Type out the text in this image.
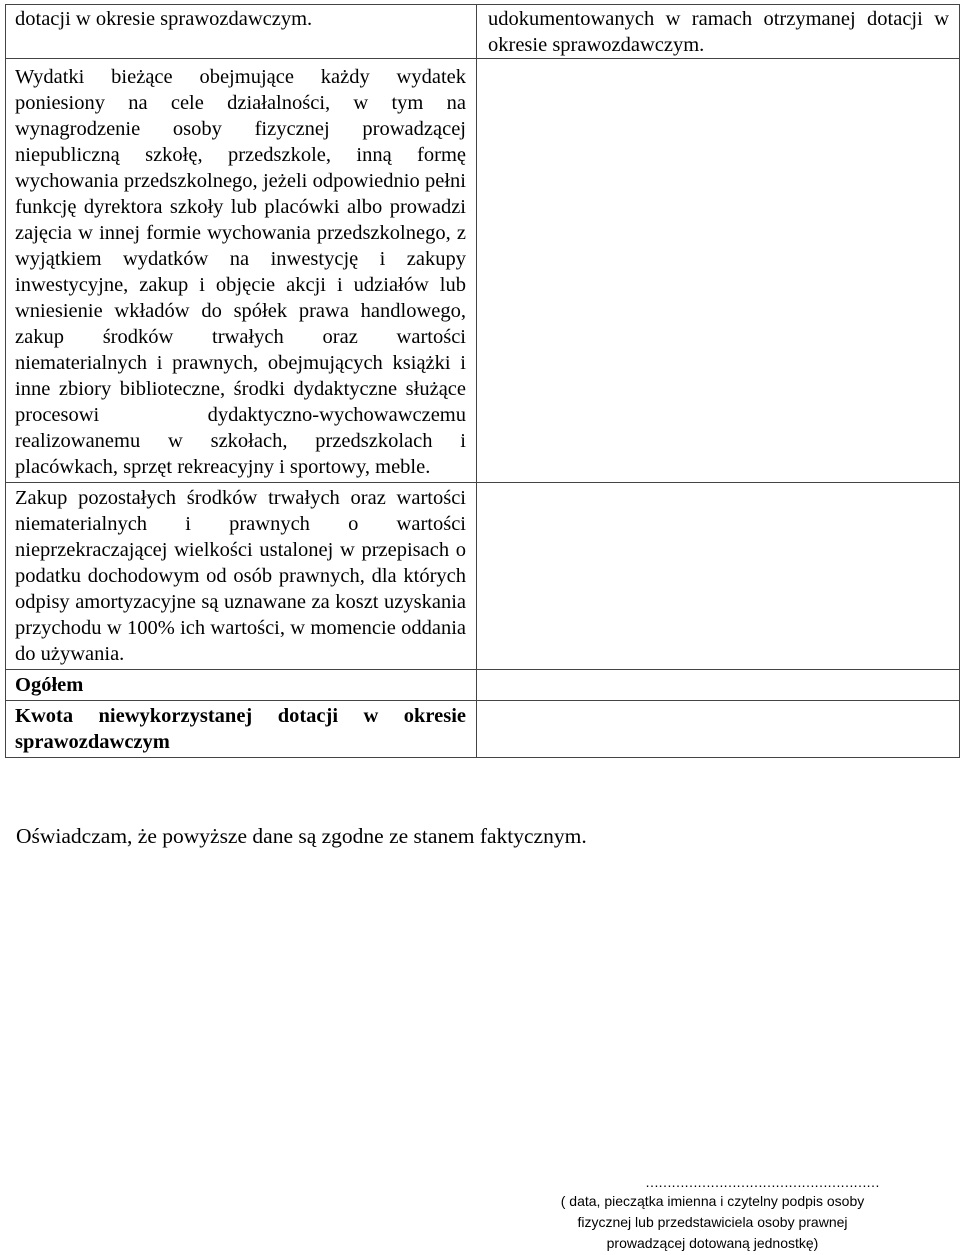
dotacji w okresie sprawozdawczym.	udokumentowanych w ramach otrzymanej dotacji w okresie sprawozdawczym.

Wydatki bieżące obejmujące każdy wydatek poniesiony na cele działalności, w tym na wynagrodzenie osoby fizycznej prowadzącej niepubliczną szkołę, przedszkole, inną formę wychowania przedszkolnego, jeżeli odpowiednio pełni funkcję dyrektora szkoły lub placówki albo prowadzi zajęcia w innej formie wychowania przedszkolnego, z wyjątkiem wydatków na inwestycję i zakupy inwestycyjne, zakup i objęcie akcji i udziałów lub wniesienie wkładów do spółek prawa handlowego, zakup środków trwałych oraz wartości niematerialnych i prawnych, obejmujących książki i inne zbiory biblioteczne, środki dydaktyczne służące procesowi dydaktyczno-wychowawczemu realizowanemu w szkołach, przedszkolach i placówkach, sprzęt rekreacyjny i sportowy, meble.	

Zakup pozostałych środków trwałych oraz wartości niematerialnych i prawnych o wartości nieprzekraczającej wielkości ustalonej w przepisach o podatku dochodowym od osób prawnych, dla których odpisy amortyzacyjne są uznawane za koszt uzyskania przychodu w 100% ich wartości, w momencie oddania do używania.	

Ogółem	

Kwota niewykorzystanej dotacji w okresie sprawozdawczym	

Oświadczam, że powyższe dane są zgodne ze stanem faktycznym.
………………………………………………
( data, pieczątka imienna i czytelny podpis osoby fizycznej lub przedstawiciela osoby prawnej prowadzącej dotowaną jednostkę)
